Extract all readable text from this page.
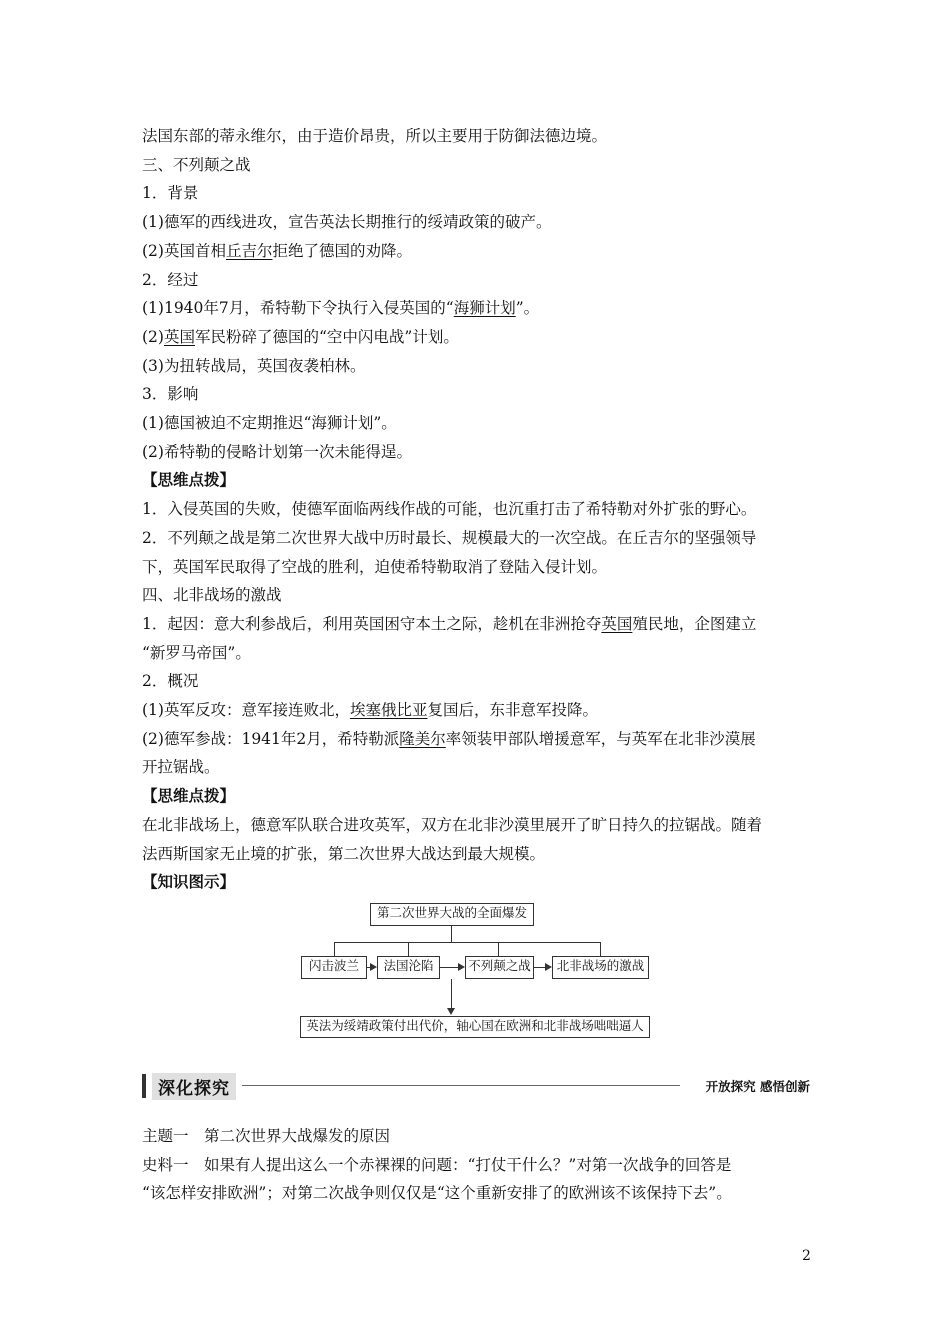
法国东部的蒂永维尔，由于造价昂贵，所以主要用于防御法德边境。
三、不列颠之战
1．背景
(1)德军的西线进攻，宣告英法长期推行的绥靖政策的破产。
(2)英国首相丘吉尔拒绝了德国的劝降。
2．经过
(1)1940年7月，希特勒下令执行入侵英国的“海狮计划”。
(2)英国军民粉碎了德国的“空中闪电战”计划。
(3)为扭转战局，英国夜袭柏林。
3．影响
(1)德国被迫不定期推迟“海狮计划”。
(2)希特勒的侵略计划第一次未能得逞。
【思维点拨】
1．入侵英国的失败，使德军面临两线作战的可能，也沉重打击了希特勒对外扩张的野心。
2．不列颠之战是第二次世界大战中历时最长、规模最大的一次空战。在丘吉尔的坚强领导
下，英国军民取得了空战的胜利，迫使希特勒取消了登陆入侵计划。
四、北非战场的激战
1．起因：意大利参战后，利用英国困守本土之际，趁机在非洲抢夺英国殖民地，企图建立
“新罗马帝国”。
2．概况
(1)英军反攻：意军接连败北，埃塞俄比亚复国后，东非意军投降。
(2)德军参战：1941年2月，希特勒派隆美尔率领装甲部队增援意军，与英军在北非沙漠展
开拉锯战。
【思维点拨】
在北非战场上，德意军队联合进攻英军，双方在北非沙漠里展开了旷日持久的拉锯战。随着
法西斯国家无止境的扩张，第二次世界大战达到最大规模。
【知识图示】
第二次世界大战的全面爆发
闪击波兰	法国沦陷	不列颠之战	北非战场的激战
英法为绥靖政策付出代价，轴心国在欧洲和北非战场咄咄逼人
深化探究	开放探究 感悟创新
主题一　第二次世界大战爆发的原因
史料一　如果有人提出这么一个赤裸裸的问题：“打仗干什么？”对第一次战争的回答是
“该怎样安排欧洲”；对第二次战争则仅仅是“这个重新安排了的欧洲该不该保持下去”。
2
